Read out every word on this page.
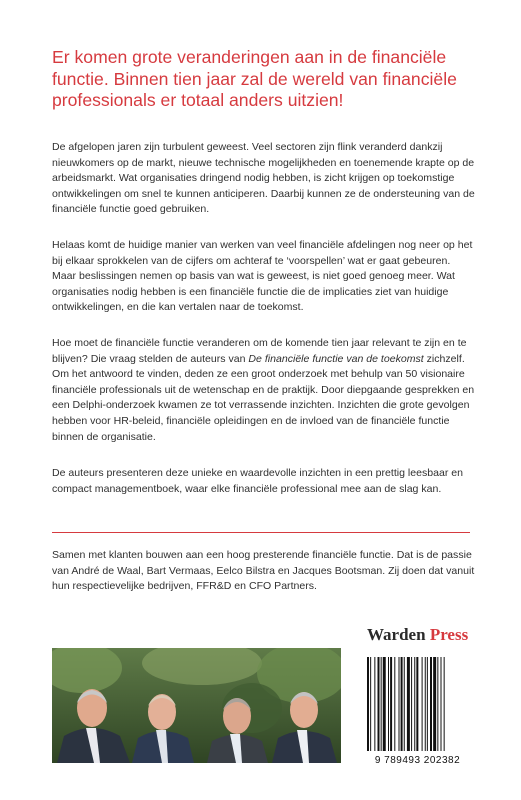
Er komen grote veranderingen aan in de financiële functie. Binnen tien jaar zal de wereld van financiële professionals er totaal anders uitzien!

De afgelopen jaren zijn turbulent geweest. Veel sectoren zijn flink veranderd dankzij nieuwkomers op de markt, nieuwe technische mogelijkheden en toenemende krapte op de arbeidsmarkt. Wat organisaties dringend nodig hebben, is zicht krijgen op toekomstige ontwikkelingen om snel te kunnen anticiperen. Daarbij kunnen ze de ondersteuning van de financiële functie goed gebruiken.

Helaas komt de huidige manier van werken van veel financiële afdelingen nog neer op het bij elkaar sprokkelen van de cijfers om achteraf te ‘voorspellen’ wat er gaat gebeuren. Maar beslissingen nemen op basis van wat is geweest, is niet goed genoeg meer. Wat organisaties nodig hebben is een financiële functie die de implicaties ziet van huidige ontwikkelingen, en die kan vertalen naar de toekomst.

Hoe moet de financiële functie veranderen om de komende tien jaar relevant te zijn en te blijven? Die vraag stelden de auteurs van De financiële functie van de toekomst zichzelf. Om het antwoord te vinden, deden ze een groot onderzoek met behulp van 50 visionaire financiële professionals uit de wetenschap en de praktijk. Door diepgaande gesprekken en een Delphi-onderzoek kwamen ze tot verrassende inzichten. Inzichten die grote gevolgen hebben voor HR-beleid, financiële opleidingen en de invloed van de financiële functie binnen de organisatie.

De auteurs presenteren deze unieke en waardevolle inzichten in een prettig leesbaar en compact managementboek, waar elke financiële professional mee aan de slag kan.

Samen met klanten bouwen aan een hoog presterende financiële functie. Dat is de passie van André de Waal, Bart Vermaas, Eelco Bilstra en Jacques Bootsman. Zij doen dat vanuit hun respectievelijke bedrijven, FFR&D en CFO Partners.

Warden Press
9 789493 202382
